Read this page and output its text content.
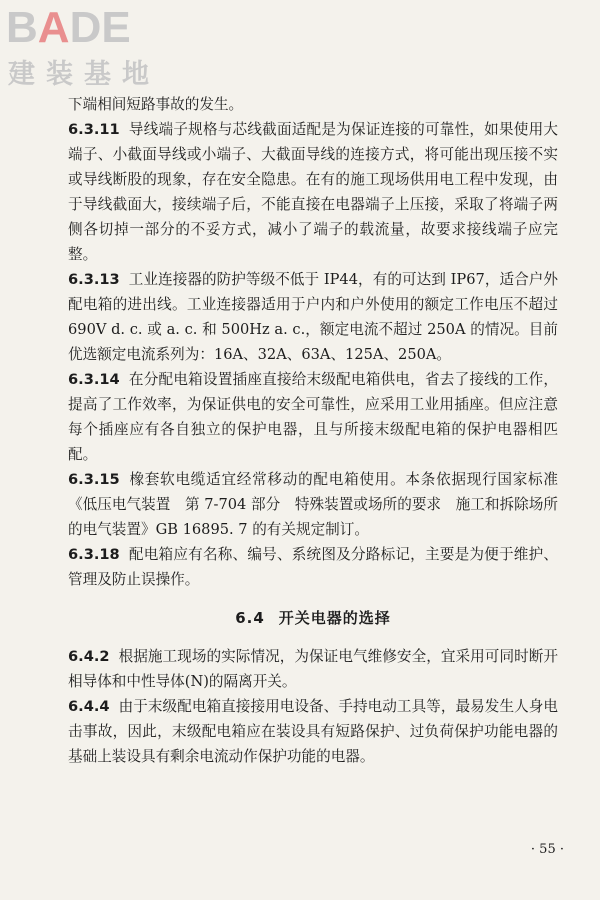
BADE
建装基地

下端相间短路事故的发生。

6.3.11 导线端子规格与芯线截面适配是为保证连接的可靠性，如果使用大端子、小截面导线或小端子、大截面导线的连接方式，将可能出现压接不实或导线断股的现象，存在安全隐患。在有的施工现场供用电工程中发现，由于导线截面大，接续端子后，不能直接在电器端子上压接，采取了将端子两侧各切掉一部分的不妥方式，减小了端子的载流量，故要求接线端子应完整。

6.3.13 工业连接器的防护等级不低于 IP44，有的可达到 IP67，适合户外配电箱的进出线。工业连接器适用于户内和户外使用的额定工作电压不超过 690V d. c. 或 a. c. 和 500Hz a. c.，额定电流不超过 250A 的情况。目前优选额定电流系列为：16A、32A、63A、125A、250A。

6.3.14 在分配电箱设置插座直接给末级配电箱供电，省去了接线的工作，提高了工作效率，为保证供电的安全可靠性，应采用工业用插座。但应注意每个插座应有各自独立的保护电器，且与所接末级配电箱的保护电器相匹配。

6.3.15 橡套软电缆适宜经常移动的配电箱使用。本条依据现行国家标准《低压电气装置　第 7-704 部分　特殊装置或场所的要求　施工和拆除场所的电气装置》GB 16895. 7 的有关规定制订。

6.3.18 配电箱应有名称、编号、系统图及分路标记，主要是为便于维护、管理及防止误操作。

6.4 开关电器的选择

6.4.2 根据施工现场的实际情况，为保证电气维修安全，宜采用可同时断开相导体和中性导体(N)的隔离开关。

6.4.4 由于末级配电箱直接接用电设备、手持电动工具等，最易发生人身电击事故，因此，末级配电箱应在装设具有短路保护、过负荷保护功能电器的基础上装设具有剩余电流动作保护功能的电器。

· 55 ·
